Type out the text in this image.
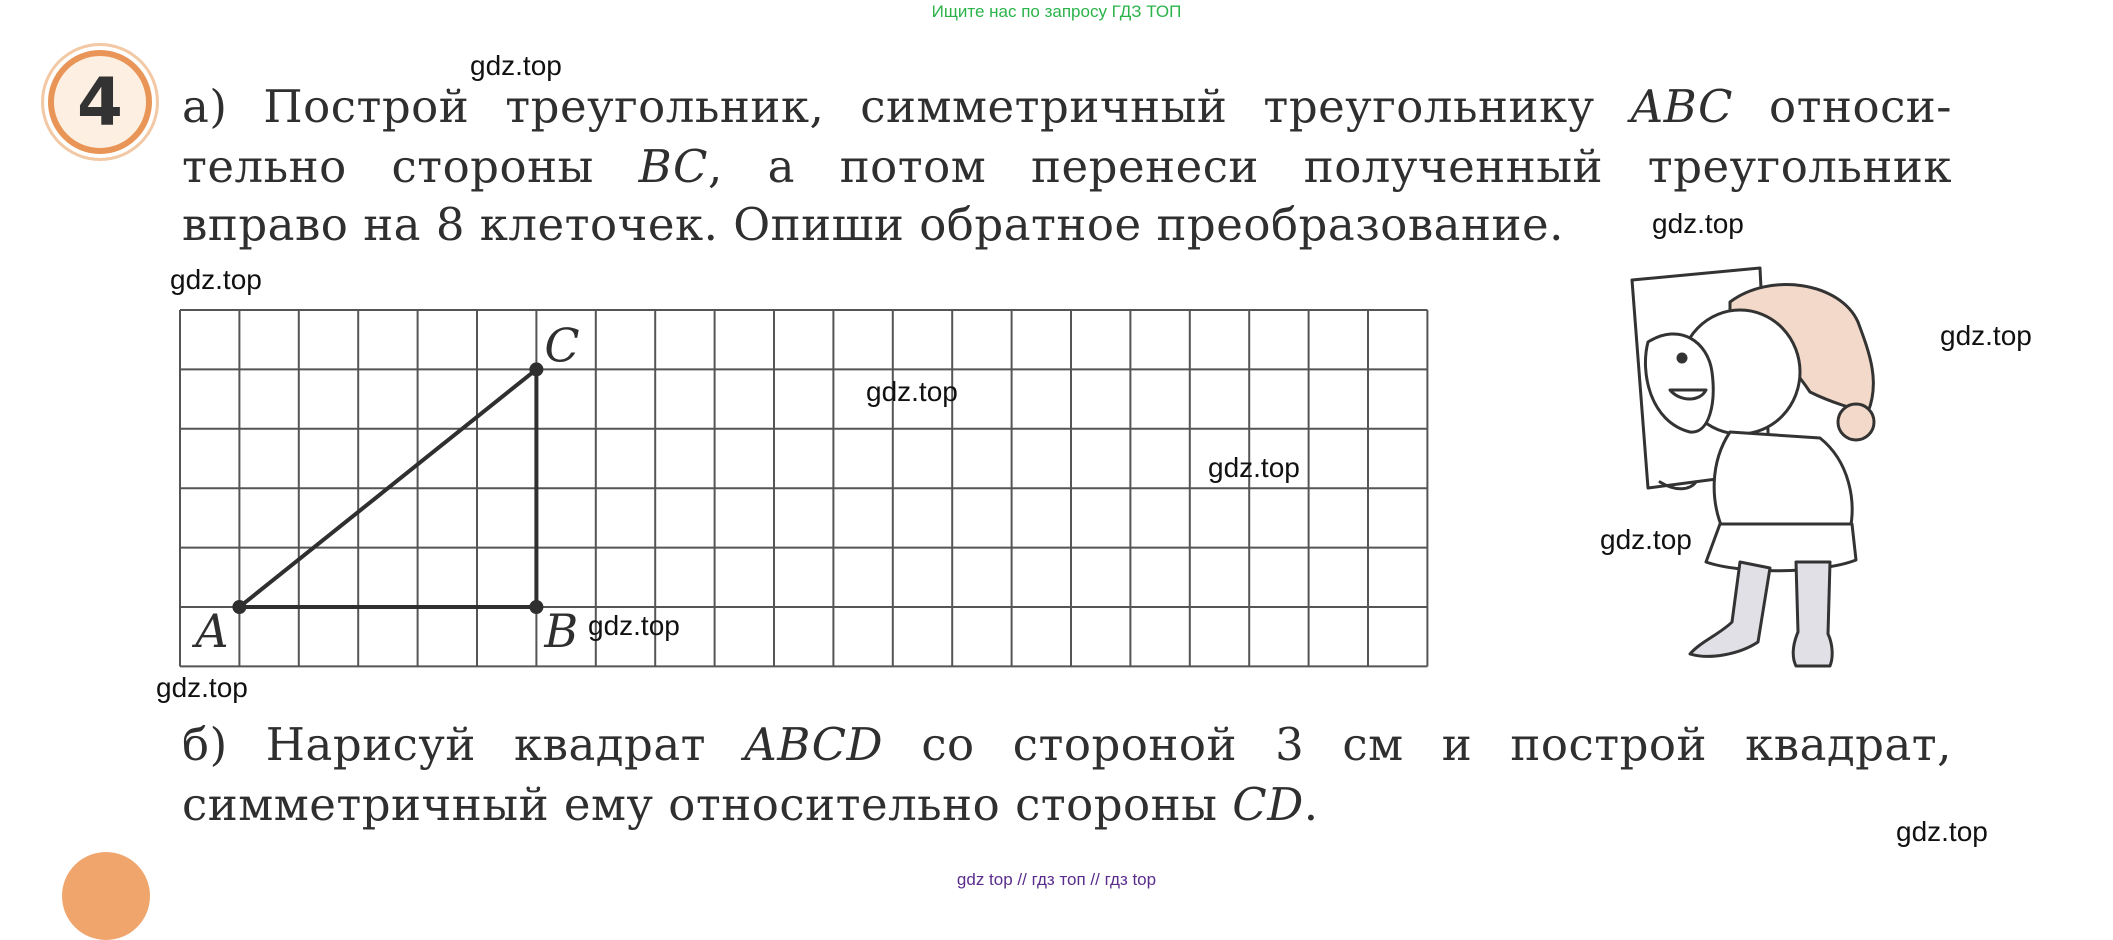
Ищите нас по запросу ГДЗ ТОП

4 а) Построй треугольник, симметричный треугольнику ABC относи-
тельно стороны BC, а потом перенеси полученный треугольник
вправо на 8 клеточек. Опиши обратное преобразование.
A	B
C
б) Нарисуй квадрат ABCD со стороной 3 см и построй квадрат,
симметричный ему относительно стороны CD.
gdz.top
gdz.top
gdz.top
gdz.top
gdz.top
gdz.top
gdz.top
gdz.top
gdz.top
gdz.top
gdz top // гдз топ // гдз top
